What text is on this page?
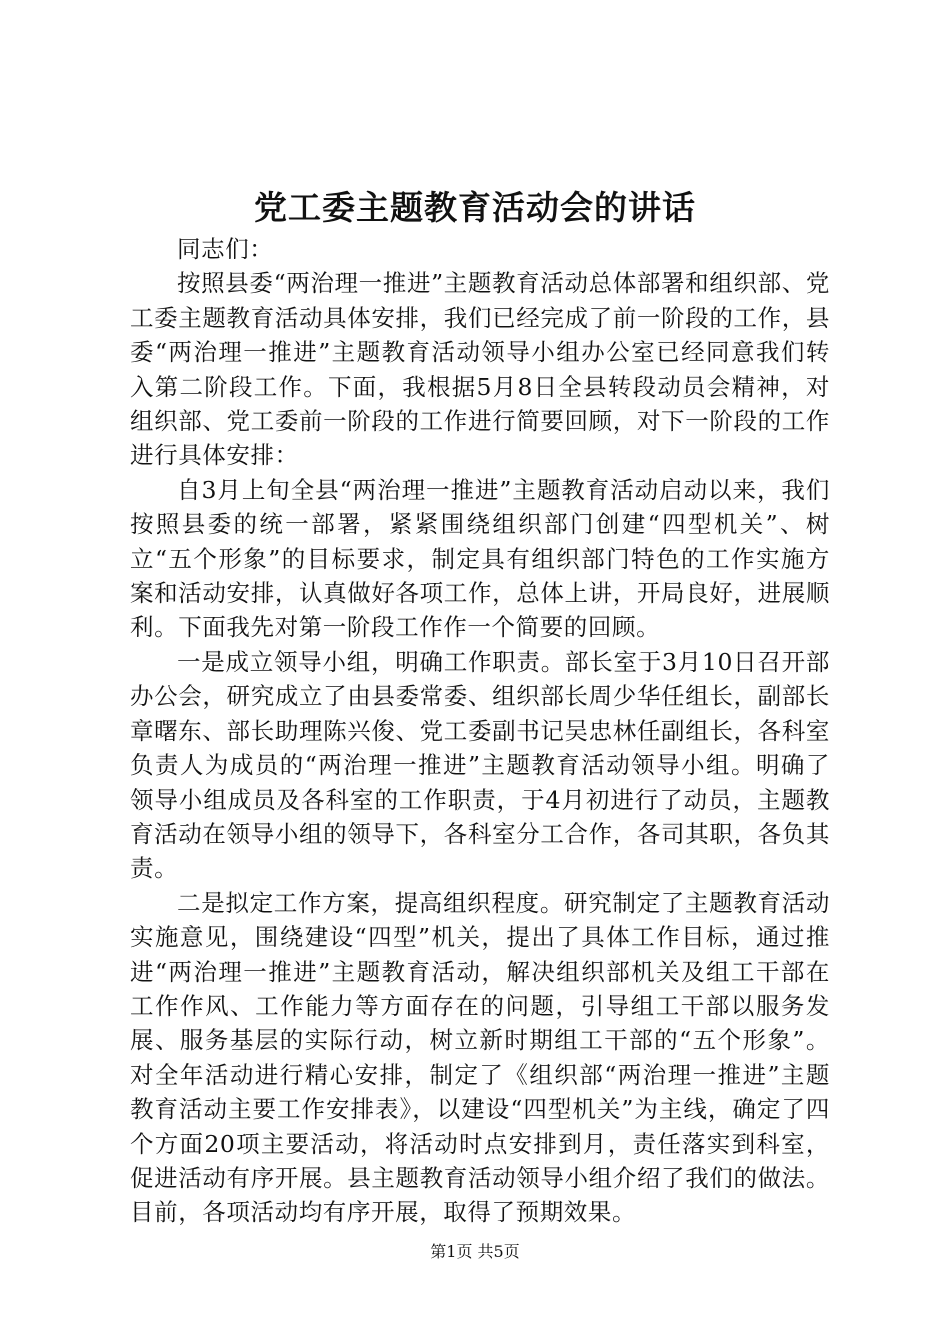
党工委主题教育活动会的讲话

同志们：

按照县委“两治理一推进”主题教育活动总体部署和组织部、党工委主题教育活动具体安排，我们已经完成了前一阶段的工作，县委“两治理一推进”主题教育活动领导小组办公室已经同意我们转入第二阶段工作。下面，我根据5月8日全县转段动员会精神，对组织部、党工委前一阶段的工作进行简要回顾，对下一阶段的工作进行具体安排：

自3月上旬全县“两治理一推进”主题教育活动启动以来，我们按照县委的统一部署，紧紧围绕组织部门创建“四型机关”、树立“五个形象”的目标要求，制定具有组织部门特色的工作实施方案和活动安排，认真做好各项工作，总体上讲，开局良好，进展顺利。下面我先对第一阶段工作作一个简要的回顾。

一是成立领导小组，明确工作职责。部长室于3月10日召开部办公会，研究成立了由县委常委、组织部长周少华任组长，副部长章曙东、部长助理陈兴俊、党工委副书记吴忠林任副组长，各科室负责人为成员的“两治理一推进”主题教育活动领导小组。明确了领导小组成员及各科室的工作职责，于4月初进行了动员，主题教育活动在领导小组的领导下，各科室分工合作，各司其职，各负其责。

二是拟定工作方案，提高组织程度。研究制定了主题教育活动实施意见，围绕建设“四型”机关，提出了具体工作目标，通过推进“两治理一推进”主题教育活动，解决组织部机关及组工干部在工作作风、工作能力等方面存在的问题，引导组工干部以服务发展、服务基层的实际行动，树立新时期组工干部的“五个形象”。对全年活动进行精心安排，制定了《组织部“两治理一推进”主题教育活动主要工作安排表》，以建设“四型机关”为主线，确定了四个方面20项主要活动，将活动时点安排到月，责任落实到科室，促进活动有序开展。县主题教育活动领导小组介绍了我们的做法。目前，各项活动均有序开展，取得了预期效果。

第1页 共5页
